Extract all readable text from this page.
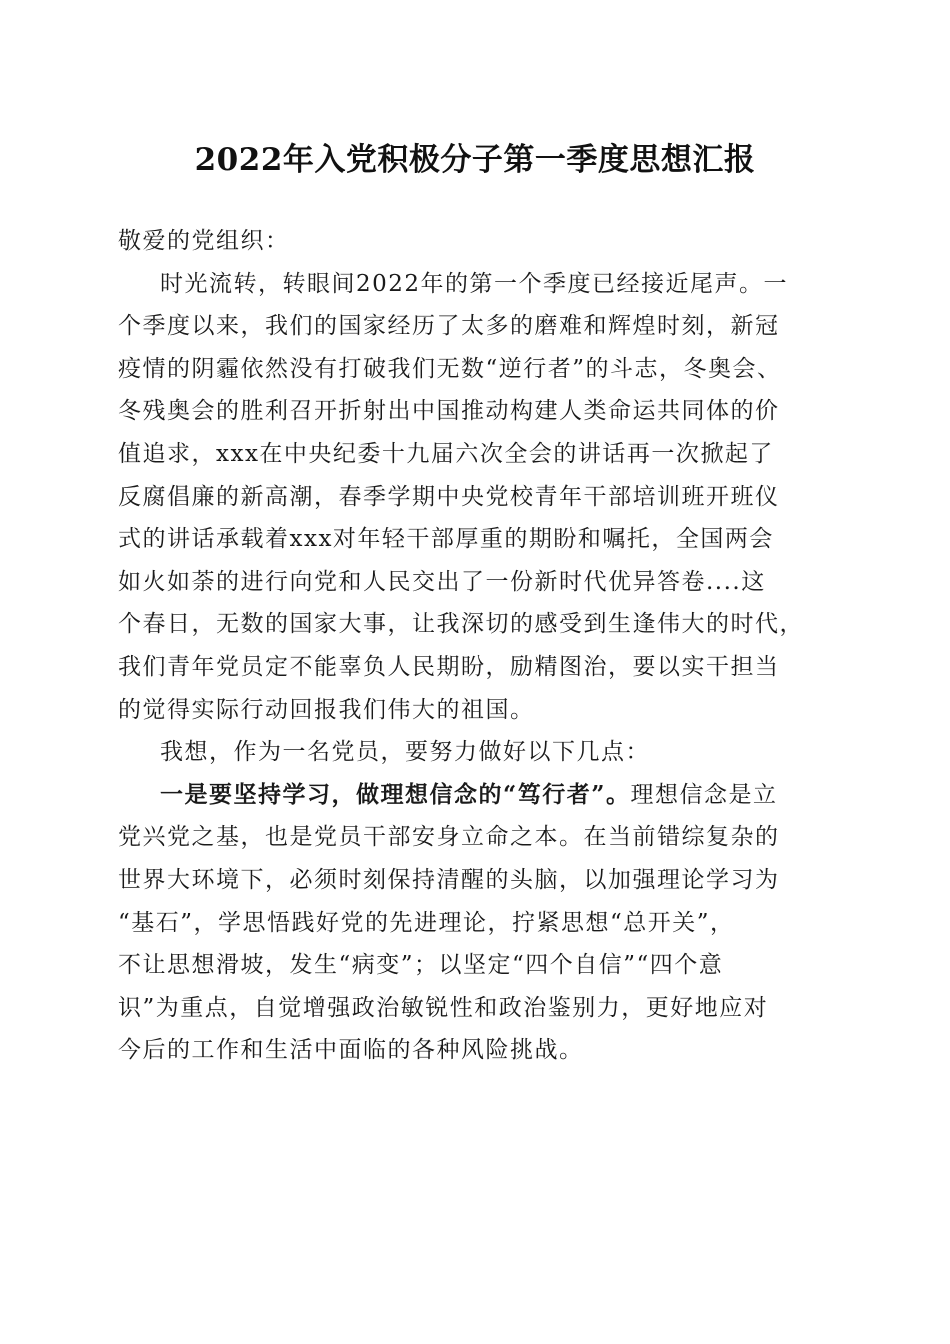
2022年入党积极分子第一季度思想汇报
敬爱的党组织：
时光流转，转眼间2022年的第一个季度已经接近尾声。一
个季度以来，我们的国家经历了太多的磨难和辉煌时刻，新冠
疫情的阴霾依然没有打破我们无数“逆行者”的斗志，冬奥会、
冬残奥会的胜利召开折射出中国推动构建人类命运共同体的价
值追求，xxx在中央纪委十九届六次全会的讲话再一次掀起了
反腐倡廉的新高潮，春季学期中央党校青年干部培训班开班仪
式的讲话承载着xxx对年轻干部厚重的期盼和嘱托，全国两会
如火如荼的进行向党和人民交出了一份新时代优异答卷....这
个春日，无数的国家大事，让我深切的感受到生逢伟大的时代，
我们青年党员定不能辜负人民期盼，励精图治，要以实干担当
的觉得实际行动回报我们伟大的祖国。
我想，作为一名党员，要努力做好以下几点：
一是要坚持学习，做理想信念的“笃行者”。理想信念是立
党兴党之基，也是党员干部安身立命之本。在当前错综复杂的
世界大环境下，必须时刻保持清醒的头脑，以加强理论学习为
“基石”，学思悟践好党的先进理论，拧紧思想“总开关”，
不让思想滑坡，发生“病变”；以坚定“四个自信”“四个意
识”为重点，自觉增强政治敏锐性和政治鉴别力，更好地应对
今后的工作和生活中面临的各种风险挑战。
